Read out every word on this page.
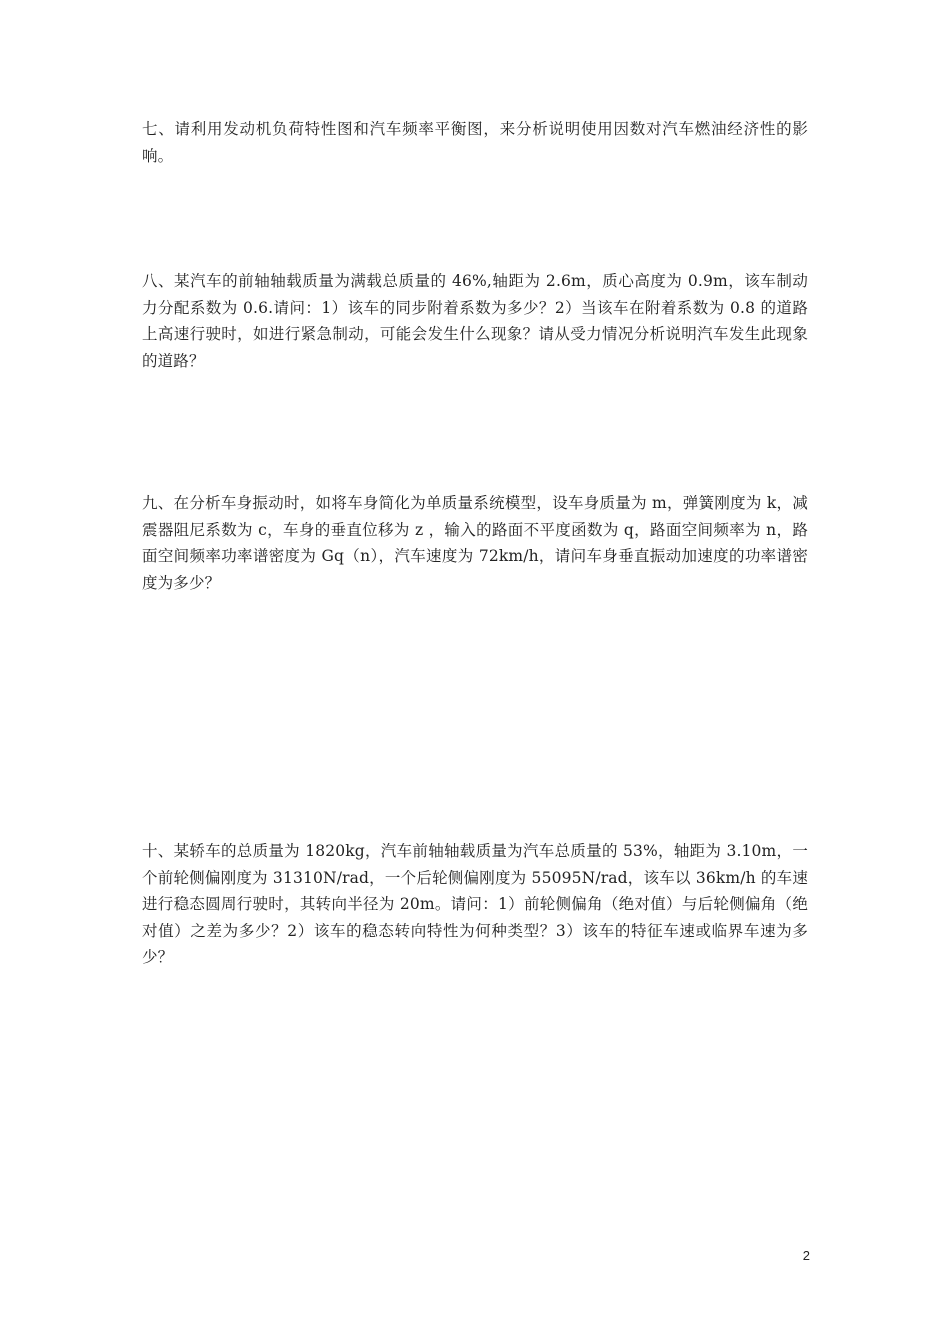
七、请利用发动机负荷特性图和汽车频率平衡图，来分析说明使用因数对汽车燃油经济性的影响。

八、某汽车的前轴轴载质量为满载总质量的 46%,轴距为 2.6m，质心高度为 0.9m，该车制动力分配系数为 0.6.请问：1）该车的同步附着系数为多少？2）当该车在附着系数为 0.8 的道路上高速行驶时，如进行紧急制动，可能会发生什么现象？请从受力情况分析说明汽车发生此现象的道路？

九、在分析车身振动时，如将车身简化为单质量系统模型，设车身质量为 m，弹簧刚度为 k，减震器阻尼系数为 c，车身的垂直位移为 z ，输入的路面不平度函数为 q，路面空间频率为 n，路面空间频率功率谱密度为 Gq（n），汽车速度为 72km/h，请问车身垂直振动加速度的功率谱密度为多少？

十、某轿车的总质量为 1820kg，汽车前轴轴载质量为汽车总质量的 53%，轴距为 3.10m，一个前轮侧偏刚度为 31310N/rad，一个后轮侧偏刚度为 55095N/rad，该车以 36km/h 的车速进行稳态圆周行驶时，其转向半径为 20m。请问：1）前轮侧偏角（绝对值）与后轮侧偏角（绝对值）之差为多少？2）该车的稳态转向特性为何种类型？3）该车的特征车速或临界车速为多少？

2
